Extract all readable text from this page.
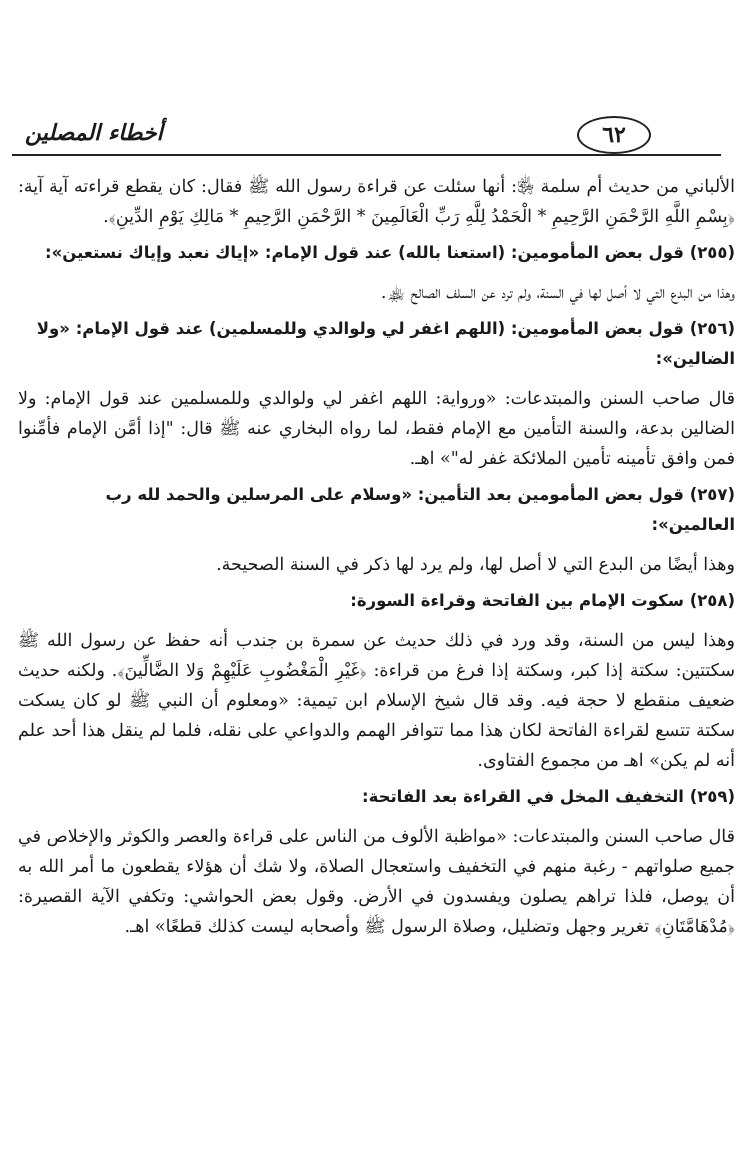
٦٢
أخطاء المصلين

الألباني من حديث أم سلمة ﵂: أنها سئلت عن قراءة رسول الله ﷺ فقال: كان يقطع قراءته آية آية: ﴿بِسْمِ اللَّهِ الرَّحْمَنِ الرَّحِيمِ * الْحَمْدُ لِلَّهِ رَبِّ الْعَالَمِينَ * الرَّحْمَنِ الرَّحِيمِ * مَالِكِ يَوْمِ الدِّينِ﴾.

(٢٥٥) قول بعض المأمومين: (استعنا بالله) عند قول الإمام: «إياك نعبد وإياك نستعين»:

وهذا من البدع التي لا أصل لها في السنة، ولم ترد عن السلف الصالح ﵏.

(٢٥٦) قول بعض المأمومين: (اللهم اغفر لي ولوالدي وللمسلمين) عند قول الإمام: «ولا الضالين»:

قال صاحب السنن والمبتدعات: «ورواية: اللهم اغفر لي ولوالدي وللمسلمين عند قول الإمام: ولا الضالين بدعة، والسنة التأمين مع الإمام فقط، لما رواه البخاري عنه ﷺ قال: "إذا أمَّن الإمام فأمِّنوا فمن وافق تأمينه تأمين الملائكة غفر له"» اهـ.

(٢٥٧) قول بعض المأمومين بعد التأمين: «وسلام على المرسلين والحمد لله رب العالمين»:

وهذا أيضًا من البدع التي لا أصل لها، ولم يرد لها ذكر في السنة الصحيحة.

(٢٥٨) سكوت الإمام بين الفاتحة وقراءة السورة:

وهذا ليس من السنة، وقد ورد في ذلك حديث عن سمرة بن جندب أنه حفظ عن رسول الله ﷺ سكتتين: سكتة إذا كبر، وسكتة إذا فرغ من قراءة: ﴿غَيْرِ الْمَغْضُوبِ عَلَيْهِمْ وَلا الضَّالِّينَ﴾. ولكنه حديث ضعيف منقطع لا حجة فيه. وقد قال شيخ الإسلام ابن تيمية: «ومعلوم أن النبي ﷺ لو كان يسكت سكتة تتسع لقراءة الفاتحة لكان هذا مما تتوافر الهمم والدواعي على نقله، فلما لم ينقل هذا أحد علم أنه لم يكن» اهـ من مجموع الفتاوى.

(٢٥٩) التخفيف المخل في القراءة بعد الفاتحة:

قال صاحب السنن والمبتدعات: «مواظبة الألوف من الناس على قراءة والعصر والكوثر والإخلاص في جميع صلواتهم - رغبة منهم في التخفيف واستعجال الصلاة، ولا شك أن هؤلاء يقطعون ما أمر الله به أن يوصل، فلذا تراهم يصلون ويفسدون في الأرض. وقول بعض الحواشي: وتكفي الآية القصيرة: ﴿مُدْهَامَّتَانِ﴾ تغرير وجهل وتضليل، وصلاة الرسول ﷺ وأصحابه ليست كذلك قطعًا» اهـ.
